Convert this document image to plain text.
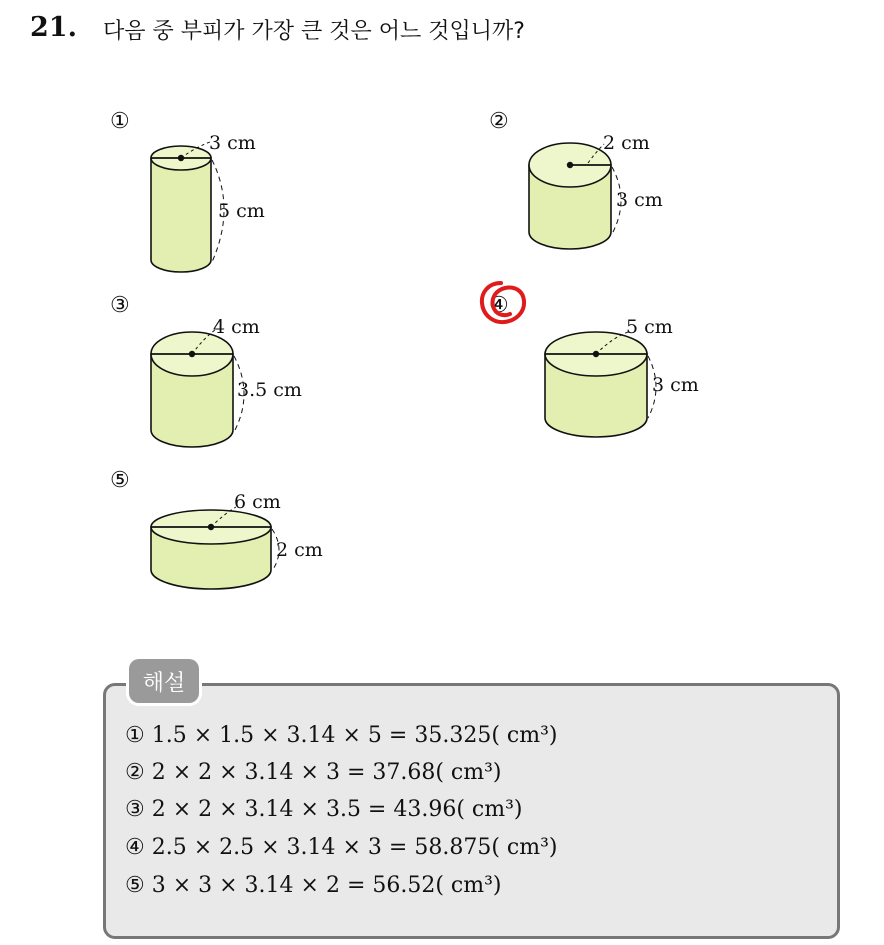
21. 다음 중 부피가 가장 큰 것은 어느 것입니까?
①
3 cm
5 cm
②
2 cm
3 cm
③
4 cm
3.5 cm
④
5 cm
3 cm
⑤
6 cm
2 cm
해설
① 1.5 × 1.5 × 3.14 × 5 = 35.325( cm³)
② 2 × 2 × 3.14 × 3 = 37.68( cm³)
③ 2 × 2 × 3.14 × 3.5 = 43.96( cm³)
④ 2.5 × 2.5 × 3.14 × 3 = 58.875( cm³)
⑤ 3 × 3 × 3.14 × 2 = 56.52( cm³)
